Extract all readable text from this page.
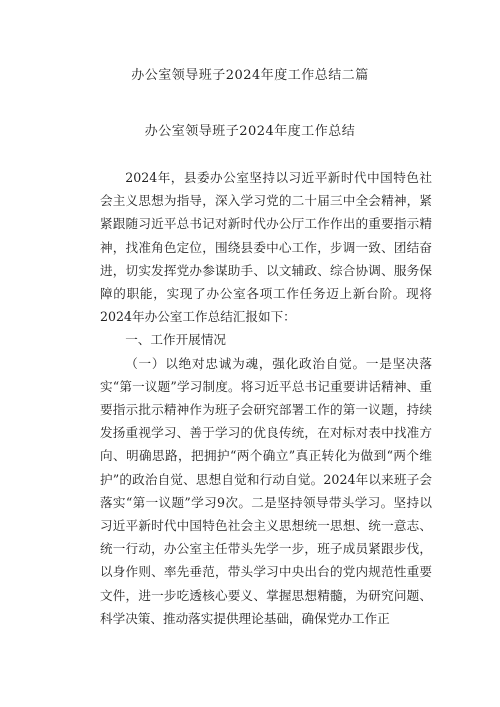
办公室领导班子2024年度工作总结二篇
办公室领导班子2024年度工作总结

2024年，县委办公室坚持以习近平新时代中国特色社会主义思想为指导，深入学习党的二十届三中全会精神，紧紧跟随习近平总书记对新时代办公厅工作作出的重要指示精神，找准角色定位，围绕县委中心工作，步调一致、团结奋进，切实发挥党办参谋助手、以文辅政、综合协调、服务保障的职能，实现了办公室各项工作任务迈上新台阶。现将2024年办公室工作总结汇报如下：

一、工作开展情况

（一）以绝对忠诚为魂，强化政治自觉。一是坚决落实“第一议题”学习制度。将习近平总书记重要讲话精神、重要指示批示精神作为班子会研究部署工作的第一议题，持续发扬重视学习、善于学习的优良传统，在对标对表中找准方向、明确思路，把拥护“两个确立”真正转化为做到“两个维护”的政治自觉、思想自觉和行动自觉。2024年以来班子会落实“第一议题”学习9次。二是坚持领导带头学习。坚持以习近平新时代中国特色社会主义思想统一思想、统一意志、统一行动，办公室主任带头先学一步，班子成员紧跟步伐，以身作则、率先垂范，带头学习中央出台的党内规范性重要文件，进一步吃透核心要义、掌握思想精髓，为研究问题、科学决策、推动落实提供理论基础，确保党办工作正
